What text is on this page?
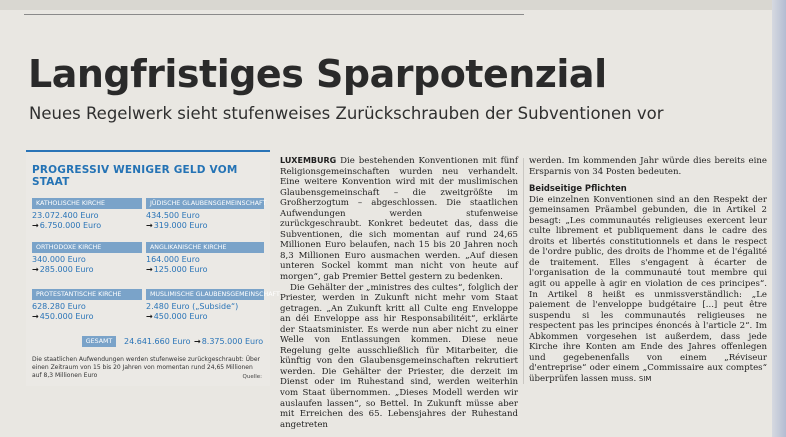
Langfristiges Sparpotenzial
Neues Regelwerk sieht stufenweises Zurückschrauben der Subventionen vor
PROGRESSIV WENIGER GELD VOM STAAT
KATHOLISCHE KIRCHE
23.072.400 Euro
→6.750.000 Euro
JÜDISCHE GLAUBENSGEMEINSCHAFT
434.500 Euro
→319.000 Euro
ORTHODOXE KIRCHE
340.000 Euro
→285.000 Euro
ANGLIKANISCHE KIRCHE
164.000 Euro
→125.000 Euro
PROTESTANTISCHE KIRCHE
628.280 Euro
→450.000 Euro
MUSLIMISCHE GLAUBENSGEMEINSCHAFT
2.480 Euro („Subside“)
→450.000 Euro
GESAMT	24.641.660 Euro →8.375.000 Euro
Die staatlichen Aufwendungen werden stufenweise zurückgeschraubt: Über einen Zeitraum von 15 bis 20 Jahren von momentan rund 24,65 Millionen auf 8,3 Millionen Euro	Quelle:

LUXEMBURG Die bestehenden Konventionen mit fünf Religionsgemeinschaften wurden neu verhandelt. Eine weitere Konvention wird mit der muslimischen Glaubensgemeinschaft – die zweitgrößte im Großherzogtum – abgeschlossen. Die staatlichen Aufwendungen werden stufenweise zurückgeschraubt. Konkret bedeutet das, dass die Subventionen, die sich momentan auf rund 24,65 Millionen Euro belaufen, nach 15 bis 20 Jahren noch 8,3 Millionen Euro ausmachen werden. „Auf diesen unteren Sockel kommt man nicht von heute auf morgen“, gab Premier Bettel gestern zu bedenken.

Die Gehälter der „ministres des cultes“, folglich der Priester, werden in Zukunft nicht mehr vom Staat getragen. „An Zukunft kritt all Culte eng Enveloppe an déi Enveloppe ass hir Responsabilitéit“, erklärte der Staatsminister. Es werde nun aber nicht zu einer Welle von Entlassungen kommen. Diese neue Regelung gelte ausschließlich für Mitarbeiter, die künftig von den Glaubensgemeinschaften rekrutiert werden. Die Gehälter der Priester, die derzeit im Dienst oder im Ruhestand sind, werden weiterhin vom Staat übernommen. „Dieses Modell werden wir auslaufen lassen“, so Bettel. In Zukunft müsse aber mit Erreichen des 65. Lebensjahres der Ruhestand angetreten

werden. Im kommenden Jahr würde dies bereits eine Ersparnis von 34 Posten bedeuten.

Beidseitige Pflichten

Die einzelnen Konventionen sind an den Respekt der gemeinsamen Präambel gebunden, die in Artikel 2 besagt: „Les communautés religieuses exercent leur culte librement et publiquement dans le cadre des droits et libertés constitutionnels et dans le respect de l'ordre public, des droits de l'homme et de l'égalité de traitement. Elles s'engagent à écarter de l'organisation de la communauté tout membre qui agit ou appelle à agir en violation de ces principes“. In Artikel 8 heißt es unmissverständlich: „Le paiement de l'enveloppe budgétaire [...] peut être suspendu si les communautés religieuses ne respectent pas les principes énoncés à l'article 2“. Im Abkommen vorgesehen ist außerdem, dass jede Kirche ihre Konten am Ende des Jahres offenlegen und gegebenenfalls von einem „Réviseur d'entreprise“ oder einem „Commissaire aux comptes“ überprüfen lassen muss. SIM
